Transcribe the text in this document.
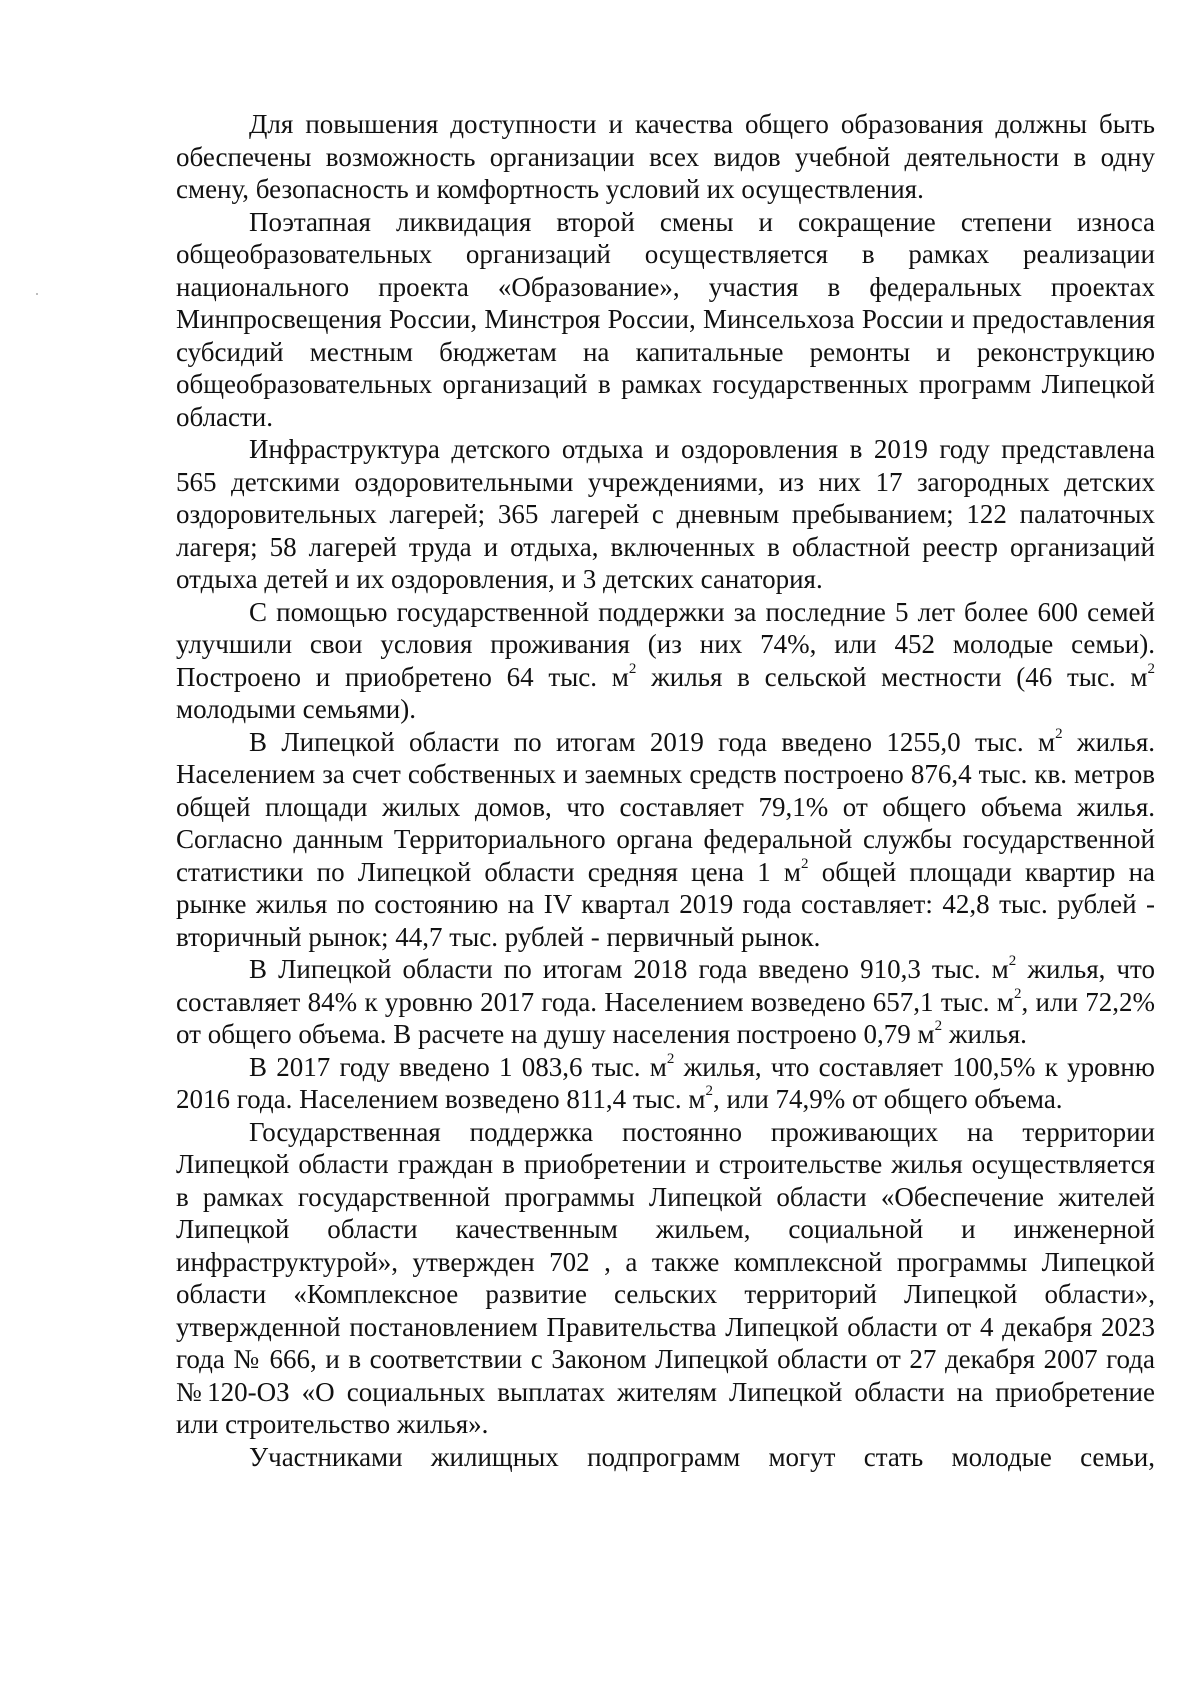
Для повышения доступности и качества общего образования должны быть обеспечены возможность организации всех видов учебной деятельности в одну смену, безопасность и комфортность условий их осуществления.

Поэтапная ликвидация второй смены и сокращение степени износа общеобразовательных организаций осуществляется в рамках реализации национального проекта «Образование», участия в федеральных проектах Минпросвещения России, Минстроя России, Минсельхоза России и предоставления субсидий местным бюджетам на капитальные ремонты и реконструкцию общеобразовательных организаций в рамках государственных программ Липецкой области.

Инфраструктура детского отдыха и оздоровления в 2019 году представлена 565 детскими оздоровительными учреждениями, из них 17 загородных детских оздоровительных лагерей; 365 лагерей с дневным пребыванием; 122 палаточных лагеря; 58 лагерей труда и отдыха, включенных в областной реестр организаций отдыха детей и их оздоровления, и 3 детских санатория.

С помощью государственной поддержки за последние 5 лет более 600 семей улучшили свои условия проживания (из них 74%, или 452 молодые семьи). Построено и приобретено 64 тыс. $м^2$ жилья в сельской местности (46 тыс. $м^2$ молодыми семьями).

В Липецкой области по итогам 2019 года введено 1255,0 тыс. $м^2$ жилья. Населением за счет собственных и заемных средств построено 876,4 тыс. кв. метров общей площади жилых домов, что составляет 79,1% от общего объема жилья. Согласно данным Территориального органа федеральной службы государственной статистики по Липецкой области средняя цена 1 $м^2$ общей площади квартир на рынке жилья по состоянию на IV квартал 2019 года составляет: 42,8 тыс. рублей - вторичный рынок; 44,7 тыс. рублей - первичный рынок.

В Липецкой области по итогам 2018 года введено 910,3 тыс. $м^2$ жилья, что составляет 84% к уровню 2017 года. Населением возведено 657,1 тыс. $м^2$, или 72,2% от общего объема. В расчете на душу населения построено 0,79 $м^2$ жилья.

В 2017 году введено 1 083,6 тыс. $м^2$ жилья, что составляет 100,5% к уровню 2016 года. Населением возведено 811,4 тыс. $м^2$, или 74,9% от общего объема.

Государственная поддержка постоянно проживающих на территории Липецкой области граждан в приобретении и строительстве жилья осуществляется в рамках государственной программы Липецкой области «Обеспечение жителей Липецкой области качественным жильем, социальной и инженерной инфраструктурой», утвержден 702 , а также комплексной программы Липецкой области «Комплексное развитие сельских территорий Липецкой области», утвержденной постановлением Правительства Липецкой области от 4 декабря 2023 года № 666, и в соответствии с Законом Липецкой области от 27 декабря 2007 года №120-ОЗ «О социальных выплатах жителям Липецкой области на приобретение или строительство жилья».

Участниками жилищных подпрограмм могут стать молодые семьи,
